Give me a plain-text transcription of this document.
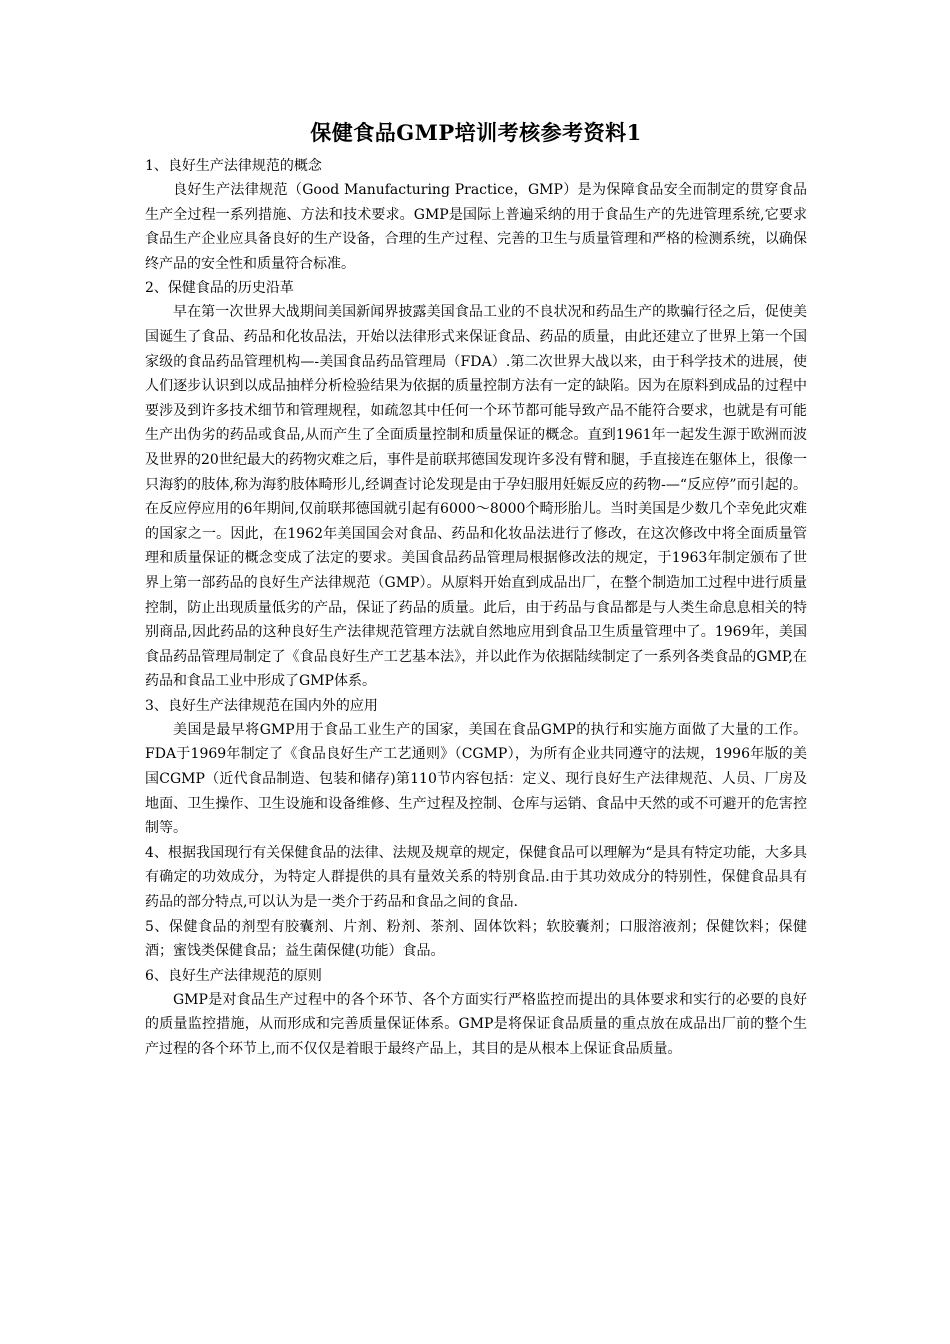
保健食品GMP培训考核参考资料1

1、良好生产法律规范的概念

良好生产法律规范（Good Manufacturing Practice，GMP）是为保障食品安全而制定的贯穿食品生产全过程一系列措施、方法和技术要求。GMP是国际上普遍采纳的用于食品生产的先进管理系统,它要求食品生产企业应具备良好的生产设备，合理的生产过程、完善的卫生与质量管理和严格的检测系统，以确保终产品的安全性和质量符合标准。

2、保健食品的历史沿革

早在第一次世界大战期间美国新闻界披露美国食品工业的不良状况和药品生产的欺骗行径之后，促使美国诞生了食品、药品和化妆品法，开始以法律形式来保证食品、药品的质量，由此还建立了世界上第一个国家级的食品药品管理机构—-美国食品药品管理局（FDA）.第二次世界大战以来，由于科学技术的进展，使人们逐步认识到以成品抽样分析检验结果为依据的质量控制方法有一定的缺陷。因为在原料到成品的过程中要涉及到许多技术细节和管理规程，如疏忽其中任何一个环节都可能导致产品不能符合要求，也就是有可能生产出伪劣的药品或食品,从而产生了全面质量控制和质量保证的概念。直到1961年一起发生源于欧洲而波及世界的20世纪最大的药物灾难之后，事件是前联邦德国发现许多没有臂和腿，手直接连在躯体上，很像一只海豹的肢体,称为海豹肢体畸形儿,经调查讨论发现是由于孕妇服用妊娠反应的药物-—“反应停”而引起的。在反应停应用的6年期间,仅前联邦德国就引起有6000～8000个畸形胎儿。当时美国是少数几个幸免此灾难的国家之一。因此，在1962年美国国会对食品、药品和化妆品法进行了修改，在这次修改中将全面质量管理和质量保证的概念变成了法定的要求。美国食品药品管理局根据修改法的规定，于1963年制定颁布了世界上第一部药品的良好生产法律规范（GMP）。从原料开始直到成品出厂，在整个制造加工过程中进行质量控制，防止出现质量低劣的产品，保证了药品的质量。此后，由于药品与食品都是与人类生命息息相关的特别商品,因此药品的这种良好生产法律规范管理方法就自然地应用到食品卫生质量管理中了。1969年，美国食品药品管理局制定了《食品良好生产工艺基本法》，并以此作为依据陆续制定了一系列各类食品的GMP,在药品和食品工业中形成了GMP体系。

3、良好生产法律规范在国内外的应用

美国是最早将GMP用于食品工业生产的国家，美国在食品GMP的执行和实施方面做了大量的工作。FDA于1969年制定了《食品良好生产工艺通则》（CGMP），为所有企业共同遵守的法规，1996年版的美国CGMP（近代食品制造、包装和储存)第110节内容包括：定义、现行良好生产法律规范、人员、厂房及地面、卫生操作、卫生设施和设备维修、生产过程及控制、仓库与运销、食品中天然的或不可避开的危害控制等。

4、根据我国现行有关保健食品的法律、法规及规章的规定，保健食品可以理解为“是具有特定功能，大多具有确定的功效成分，为特定人群提供的具有量效关系的特别食品.由于其功效成分的特别性，保健食品具有药品的部分特点,可以认为是一类介于药品和食品之间的食品.

5、保健食品的剂型有胶囊剂、片剂、粉剂、茶剂、固体饮料；软胶囊剂；口服溶液剂；保健饮料；保健酒；蜜饯类保健食品；益生菌保健(功能）食品。

6、良好生产法律规范的原则

GMP是对食品生产过程中的各个环节、各个方面实行严格监控而提出的具体要求和实行的必要的良好的质量监控措施，从而形成和完善质量保证体系。GMP是将保证食品质量的重点放在成品出厂前的整个生产过程的各个环节上,而不仅仅是着眼于最终产品上，其目的是从根本上保证食品质量。
